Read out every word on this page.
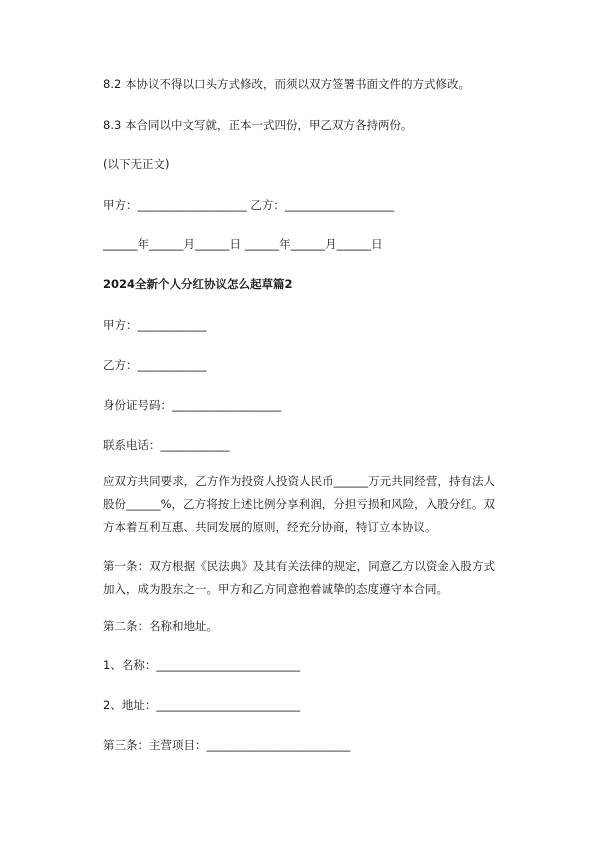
8.2 本协议不得以口头方式修改，而须以双方签署书面文件的方式修改。
8.3 本合同以中文写就，正本一式四份，甲乙双方各持两份。
(以下无正文)
甲方：___________________ 乙方：___________________
______年______月______日 ______年______月______日
2024全新个人分红协议怎么起草篇2
甲方：____________
乙方：____________
身份证号码：___________________
联系电话：____________
应双方共同要求，乙方作为投资人投资人民币______万元共同经营，持有法人股份______%，乙方将按上述比例分享利润，分担亏损和风险，入股分红。双方本着互利互惠、共同发展的原则，经充分协商，特订立本协议。
第一条：双方根据《民法典》及其有关法律的规定，同意乙方以资金入股方式加入，成为股东之一。甲方和乙方同意抱着诚挚的态度遵守本合同。
第二条：名称和地址。
1、名称：_________________________
2、地址：_________________________
第三条：主营项目：_________________________
